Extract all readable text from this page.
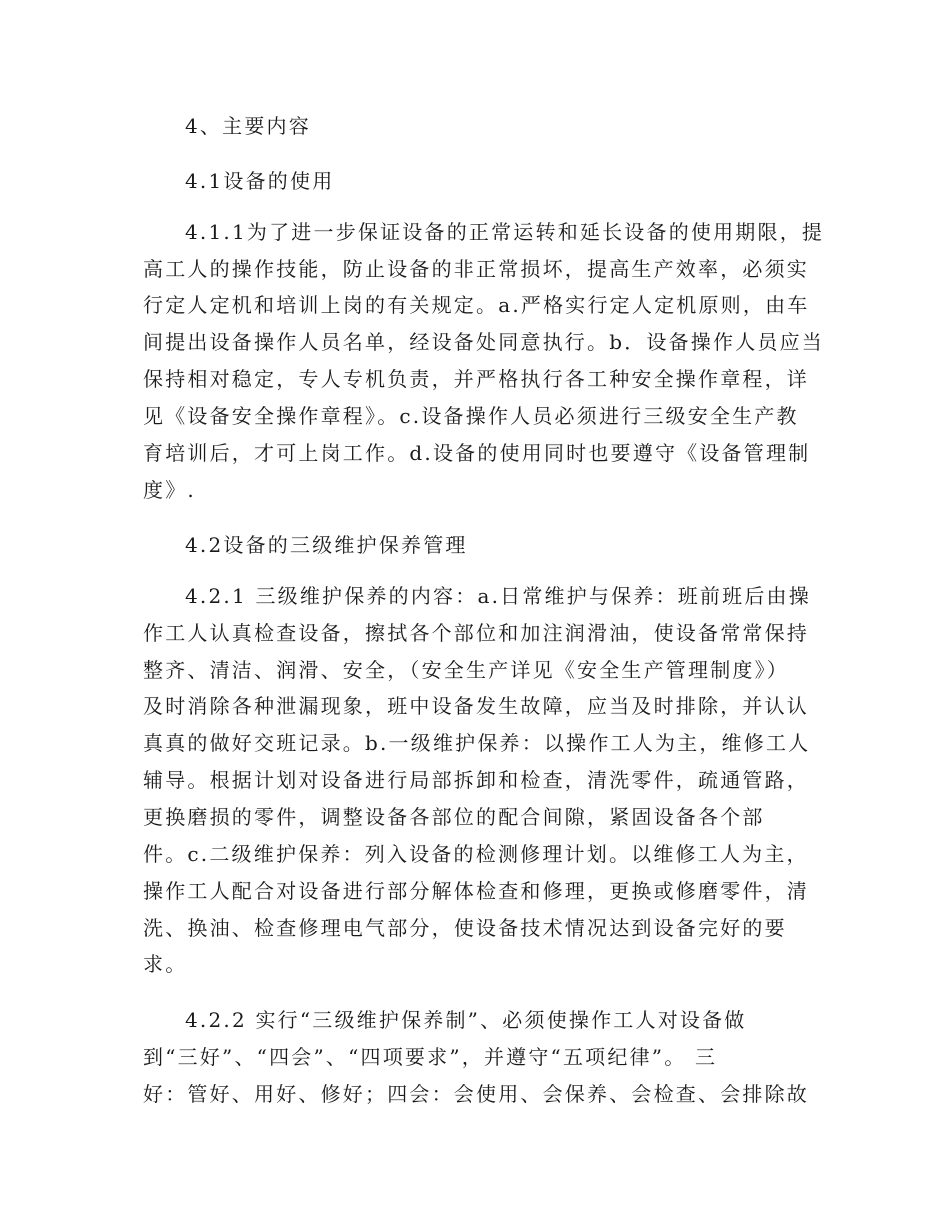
4、主要内容
4.1设备的使用
4.1.1为了进一步保证设备的正常运转和延长设备的使用期限，提
高工人的操作技能，防止设备的非正常损坏，提高生产效率，必须实
行定人定机和培训上岗的有关规定。a.严格实行定人定机原则，由车
间提出设备操作人员名单，经设备处同意执行。b．设备操作人员应当
保持相对稳定，专人专机负责，并严格执行各工种安全操作章程，详
见《设备安全操作章程》。c.设备操作人员必须进行三级安全生产教
育培训后，才可上岗工作。d.设备的使用同时也要遵守《设备管理制
度》.
4.2设备的三级维护保养管理
4.2.1 三级维护保养的内容：a.日常维护与保养：班前班后由操
作工人认真检查设备，擦拭各个部位和加注润滑油，使设备常常保持
整齐、清洁、润滑、安全，（安全生产详见《安全生产管理制度》）
及时消除各种泄漏现象，班中设备发生故障，应当及时排除，并认认
真真的做好交班记录。b.一级维护保养：以操作工人为主，维修工人
辅导。根据计划对设备进行局部拆卸和检查，清洗零件，疏通管路，
更换磨损的零件，调整设备各部位的配合间隙，紧固设备各个部
件。c.二级维护保养：列入设备的检测修理计划。以维修工人为主，
操作工人配合对设备进行部分解体检查和修理，更换或修磨零件，清
洗、换油、检查修理电气部分，使设备技术情况达到设备完好的要
求。
4.2.2 实行“三级维护保养制”、必须使操作工人对设备做
到“三好”、“四会”、“四项要求”，并遵守“五项纪律”。 三
好：管好、用好、修好；四会：会使用、会保养、会检查、会排除故
